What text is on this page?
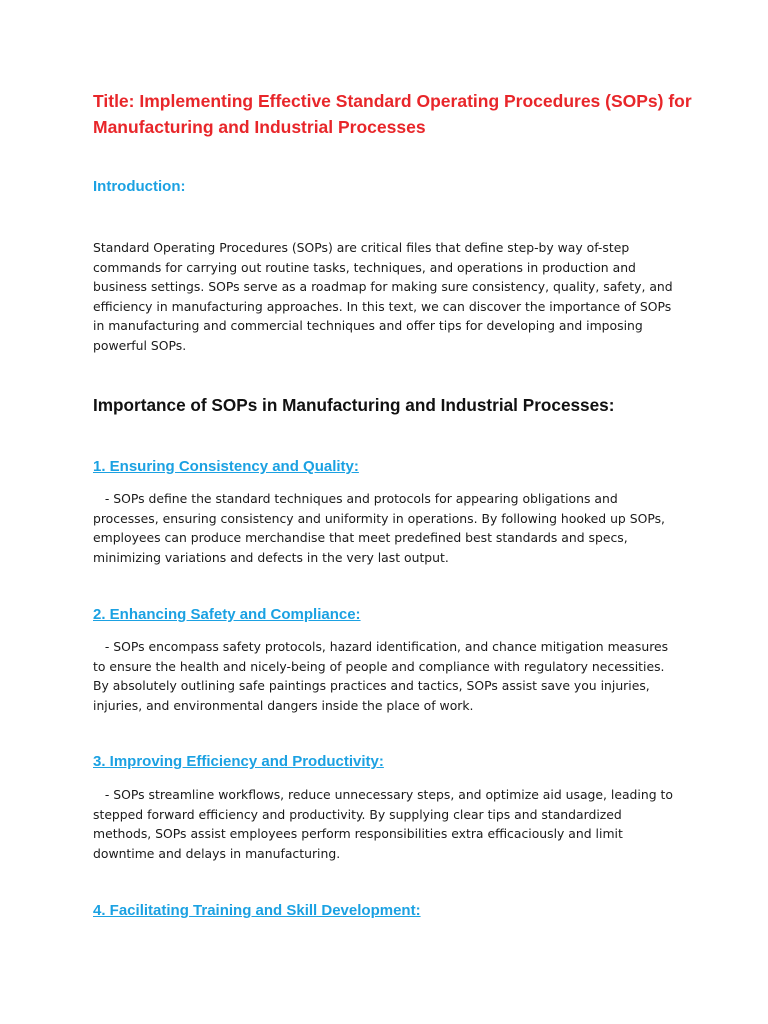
Title: Implementing Effective Standard Operating Procedures (SOPs) for Manufacturing and Industrial Processes
Introduction:

Standard Operating Procedures (SOPs) are critical files that define step-by way of-step commands for carrying out routine tasks, techniques, and operations in production and business settings. SOPs serve as a roadmap for making sure consistency, quality, safety, and efficiency in manufacturing approaches. In this text, we can discover the importance of SOPs in manufacturing and commercial techniques and offer tips for developing and imposing powerful SOPs.

Importance of SOPs in Manufacturing and Industrial Processes:
1. Ensuring Consistency and Quality:

- SOPs define the standard techniques and protocols for appearing obligations and processes, ensuring consistency and uniformity in operations. By following hooked up SOPs, employees can produce merchandise that meet predefined best standards and specs, minimizing variations and defects in the very last output.

2. Enhancing Safety and Compliance:

- SOPs encompass safety protocols, hazard identification, and chance mitigation measures to ensure the health and nicely-being of people and compliance with regulatory necessities. By absolutely outlining safe paintings practices and tactics, SOPs assist save you injuries, injuries, and environmental dangers inside the place of work.

3. Improving Efficiency and Productivity:

- SOPs streamline workflows, reduce unnecessary steps, and optimize aid usage, leading to stepped forward efficiency and productivity. By supplying clear tips and standardized methods, SOPs assist employees perform responsibilities extra efficaciously and limit downtime and delays in manufacturing.

4. Facilitating Training and Skill Development:
